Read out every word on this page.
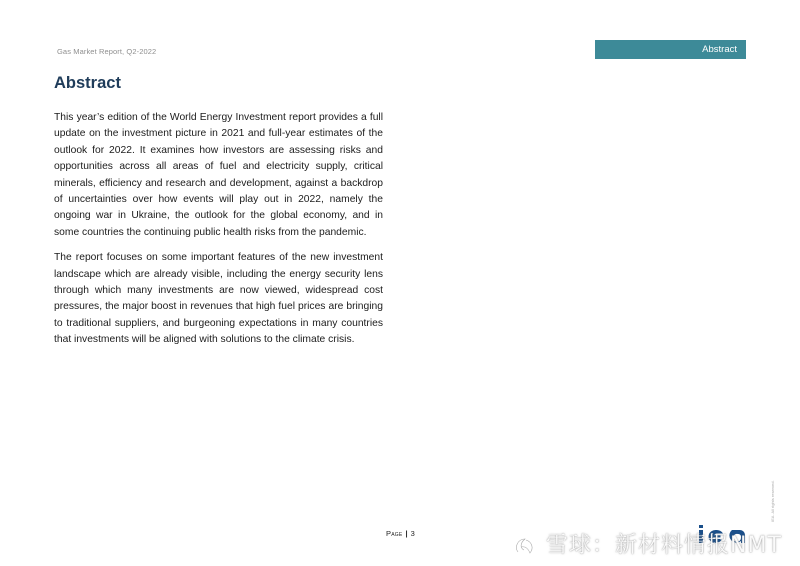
Gas Market Report, Q2-2022	Abstract
Abstract

This year’s edition of the World Energy Investment report provides a full update on the investment picture in 2021 and full-year estimates of the outlook for 2022. It examines how investors are assessing risks and opportunities across all areas of fuel and electricity supply, critical minerals, efficiency and research and development, against a backdrop of uncertainties over how events will play out in 2022, namely the ongoing war in Ukraine, the outlook for the global economy, and in some countries the continuing public health risks from the pandemic.

The report focuses on some important features of the new investment landscape which are already visible, including the energy security lens through which many investments are now viewed, widespread cost pressures, the major boost in revenues that high fuel prices are bringing to traditional suppliers, and burgeoning expectations in many countries that investments will be aligned with solutions to the climate crisis.

Page | 3
IEA. All rights reserved.
雪球：新材料情报NMT
